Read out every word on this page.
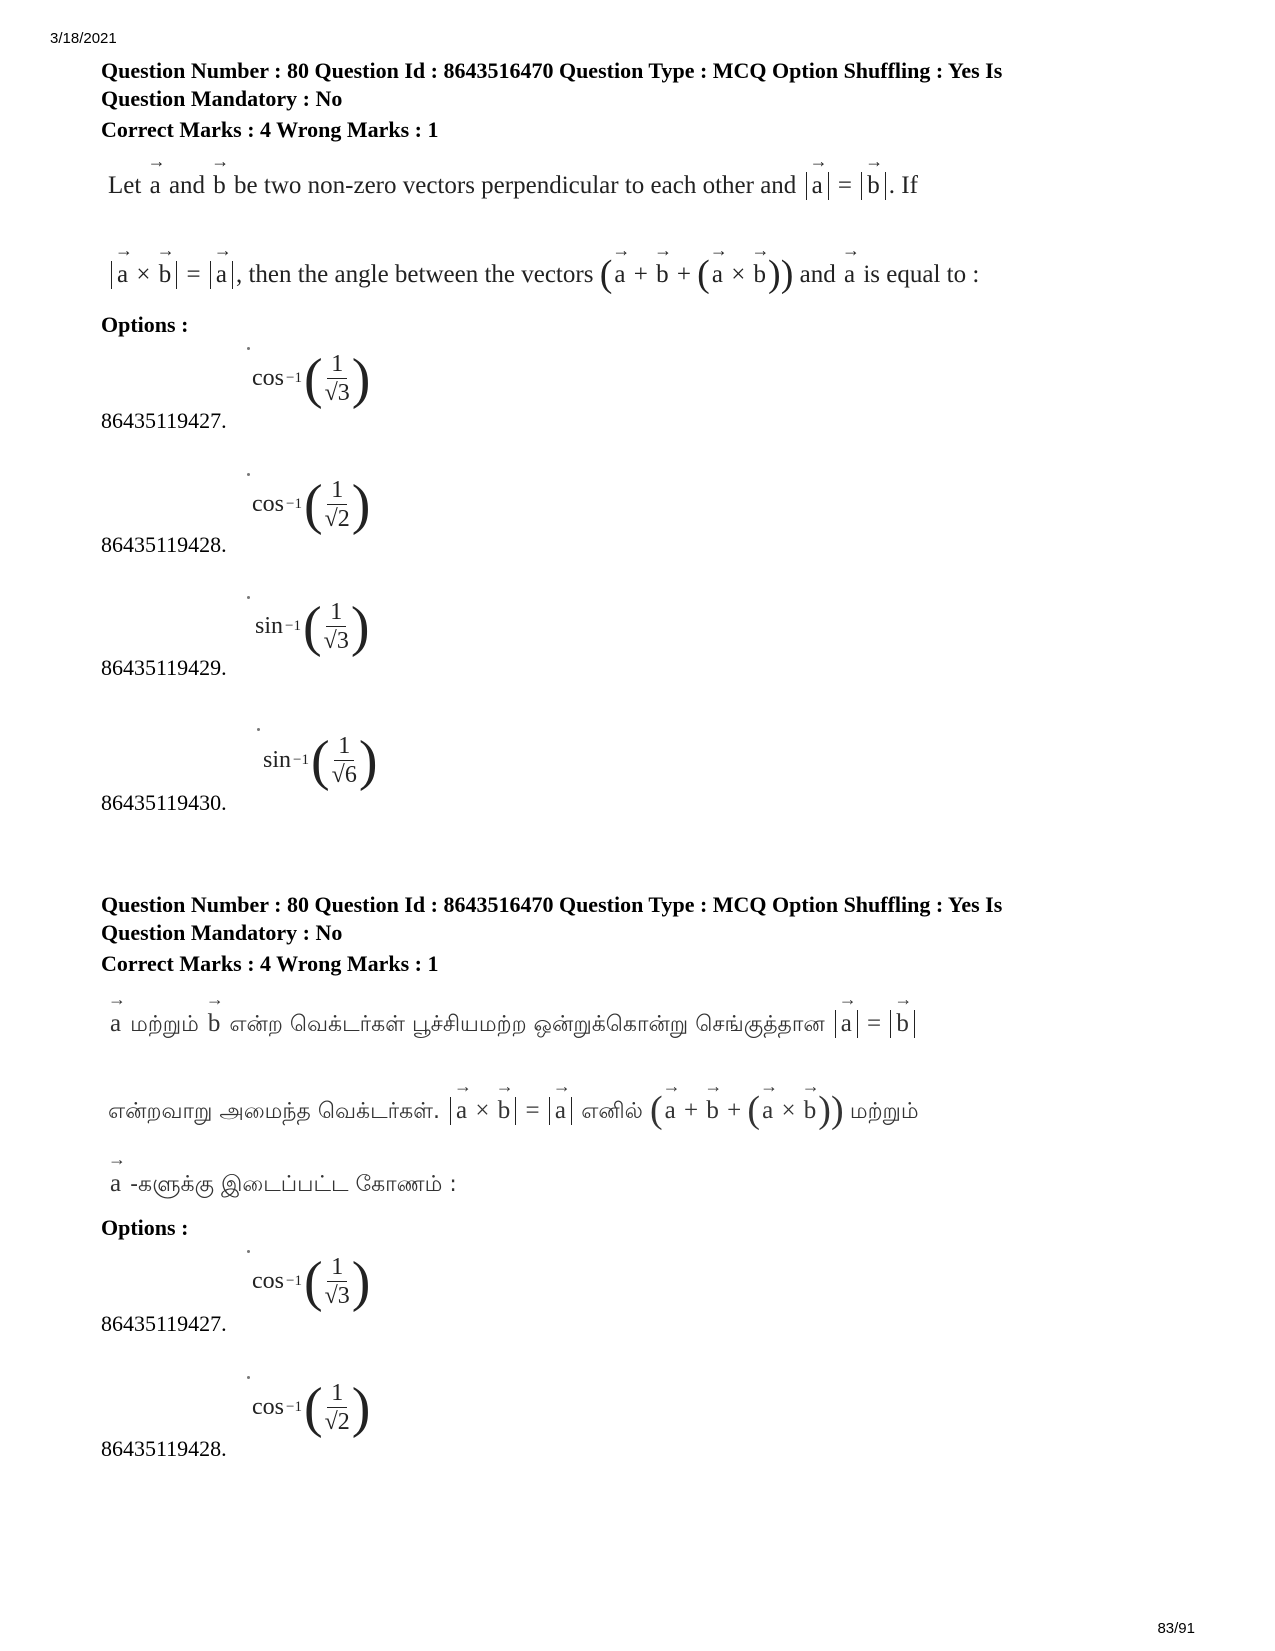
3/18/2021
Question Number : 80 Question Id : 8643516470 Question Type : MCQ Option Shuffling : Yes Is
Question Mandatory : No
Correct Marks : 4 Wrong Marks : 1
Let
→
a and
→
b be two non-zero vectors perpendicular to each other and
→
a =
→
b . If
→
a ×
→
b =
→
a , then the angle between the vectors (
→
a +
→
b + (
→
a ×
→
b)) and
→
a is equal to :
Options :
cos −1 ( $\frac{1}{√3}$ )
86435119427.
cos −1 ( $\frac{1}{√2}$ )
86435119428.
sin −1 ( $\frac{1}{√3}$ )
86435119429.
sin −1 ( $\frac{1}{√6}$ )
86435119430.
Question Number : 80 Question Id : 8643516470 Question Type : MCQ Option Shuffling : Yes Is
Question Mandatory : No
Correct Marks : 4 Wrong Marks : 1
→
a மற்றும்
→
b என்ற வெக்டர்கள் பூச்சியமற்ற ஒன்றுக்கொன்று செங்குத்தான
→
a =
→
b
என்றவாறு அமைந்த வெக்டர்கள்.
→
a ×
→
b =
→
a எனில் (
→
a +
→
b + (
→
a ×
→
b)) மற்றும்
→
a -களுக்கு இடைப்பட்ட கோணம் :
Options :
cos −1 ( $\frac{1}{√3}$ )
86435119427.
cos −1 ( $\frac{1}{√2}$ )
86435119428.
83/91
